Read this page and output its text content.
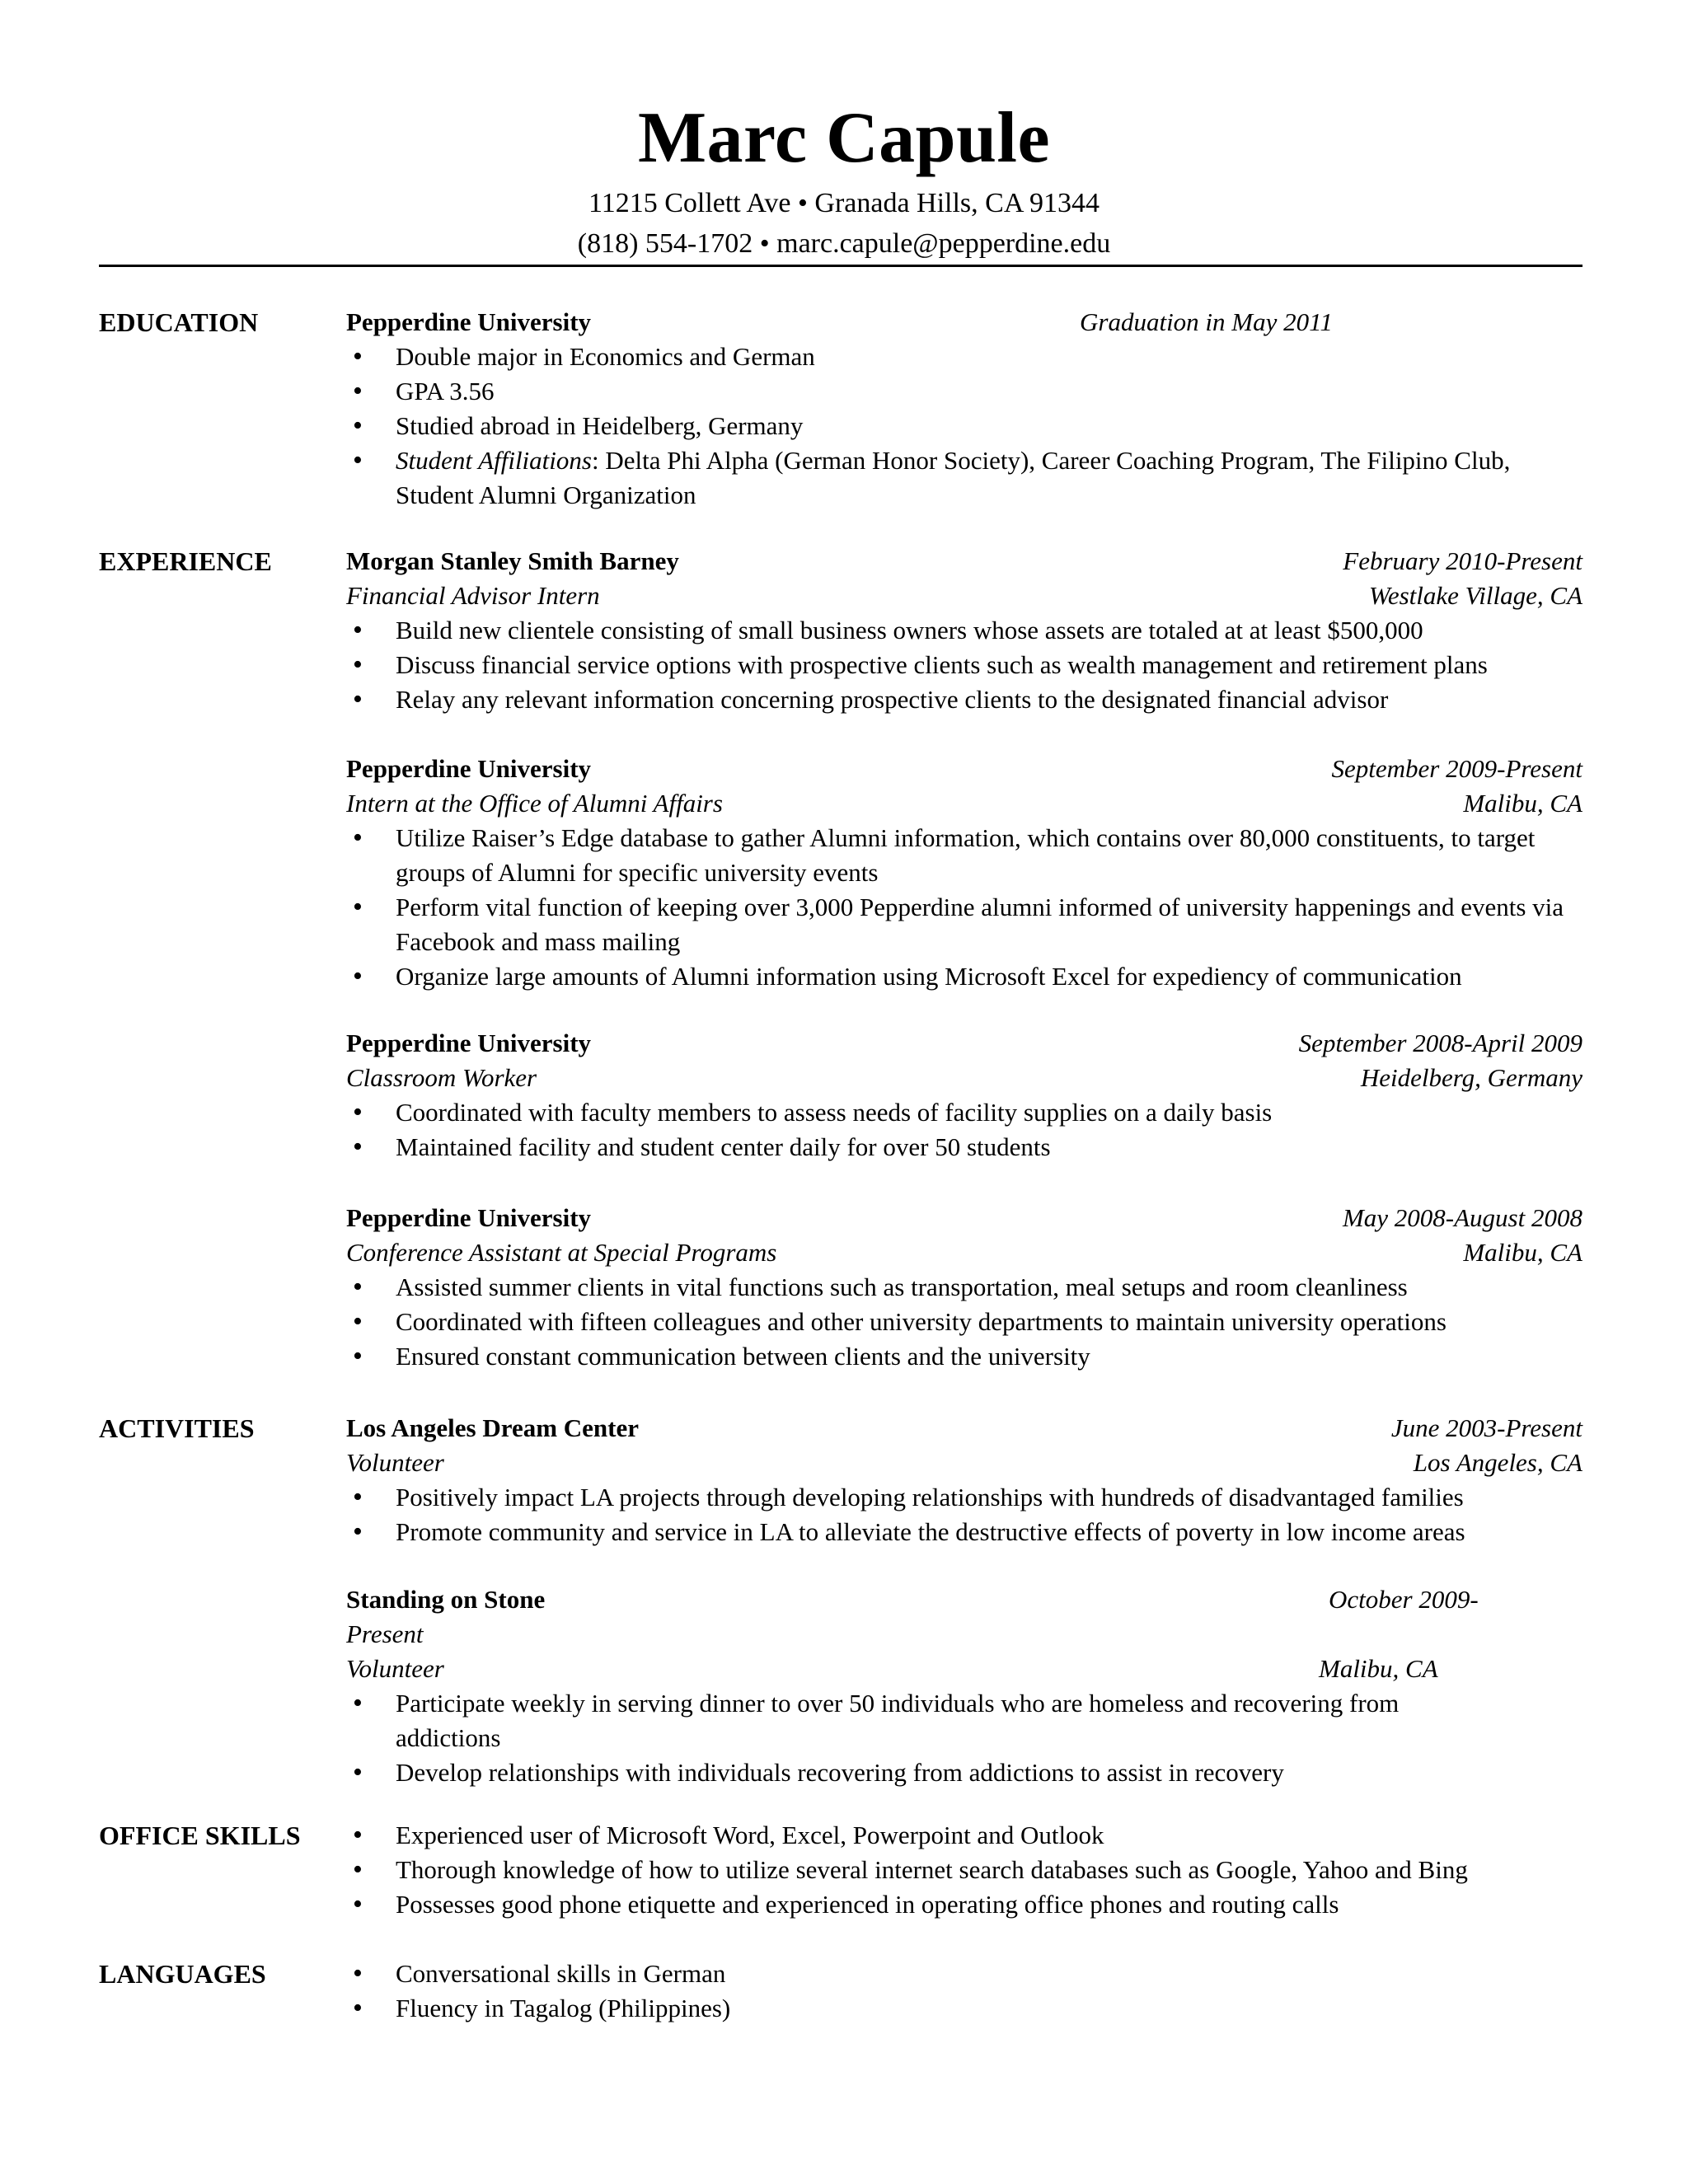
Marc Capule
11215 Collett Ave • Granada Hills, CA 91344
(818) 554-1702 • marc.capule@pepperdine.edu
EDUCATION	Pepperdine University	Graduation in May 2011
• Double major in Economics and German
• GPA 3.56
• Studied abroad in Heidelberg, Germany
• Student Affiliations: Delta Phi Alpha (German Honor Society), Career Coaching Program, The Filipino Club, Student Alumni Organization
EXPERIENCE	Morgan Stanley Smith Barney	February 2010-Present
Financial Advisor Intern	Westlake Village, CA
• Build new clientele consisting of small business owners whose assets are totaled at at least $500,000
• Discuss financial service options with prospective clients such as wealth management and retirement plans
• Relay any relevant information concerning prospective clients to the designated financial advisor
Pepperdine University	September 2009-Present
Intern at the Office of Alumni Affairs	Malibu, CA
• Utilize Raiser’s Edge database to gather Alumni information, which contains over 80,000 constituents, to target groups of Alumni for specific university events
• Perform vital function of keeping over 3,000 Pepperdine alumni informed of university happenings and events via Facebook and mass mailing
• Organize large amounts of Alumni information using Microsoft Excel for expediency of communication
Pepperdine University	September 2008-April 2009
Classroom Worker	Heidelberg, Germany
• Coordinated with faculty members to assess needs of facility supplies on a daily basis
• Maintained facility and student center daily for over 50 students
Pepperdine University	May 2008-August 2008
Conference Assistant at Special Programs	Malibu, CA
• Assisted summer clients in vital functions such as transportation, meal setups and room cleanliness
• Coordinated with fifteen colleagues and other university departments to maintain university operations
• Ensured constant communication between clients and the university
ACTIVITIES	Los Angeles Dream Center	June 2003-Present
Volunteer	Los Angeles, CA
• Positively impact LA projects through developing relationships with hundreds of disadvantaged families
• Promote community and service in LA to alleviate the destructive effects of poverty in low income areas
Standing on Stone	October 2009-
Present
Volunteer	Malibu, CA
• Participate weekly in serving dinner to over 50 individuals who are homeless and recovering from addictions
• Develop relationships with individuals recovering from addictions to assist in recovery
OFFICE SKILLS	• Experienced user of Microsoft Word, Excel, Powerpoint and Outlook
• Thorough knowledge of how to utilize several internet search databases such as Google, Yahoo and Bing
• Possesses good phone etiquette and experienced in operating office phones and routing calls
LANGUAGES	• Conversational skills in German
• Fluency in Tagalog (Philippines)
